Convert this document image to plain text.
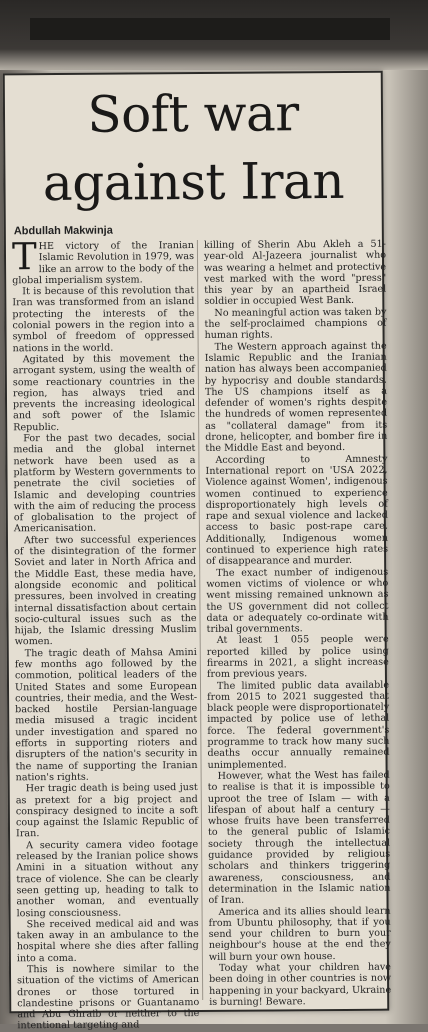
Soft war
against Iran
Abdullah Makwinja

THE victory of the Iranian Islamic Revolution in 1979, was like an arrow to the body of the global imperialism system.

It is because of this revolution that Iran was transformed from an island protecting the interests of the colonial powers in the region into a symbol of freedom of oppressed nations in the world.

Agitated by this movement the arrogant system, using the wealth of some reactionary countries in the region, has always tried and prevents the increasing ideological and soft power of the Islamic Republic.

For the past two decades, social media and the global internet network have been used as a platform by Western governments to penetrate the civil societies of Islamic and developing countries with the aim of reducing the process of globalisation to the project of Americanisation.

After two successful experiences of the disintegration of the former Soviet and later in North Africa and the Middle East, these media have, alongside economic and political pressures, been involved in creating internal dissatisfaction about certain socio-cultural issues such as the hijab, the Islamic dressing Muslim women.

The tragic death of Mahsa Amini few months ago followed by the commotion, political leaders of the United States and some European countries, their media, and the West-backed hostile Persian-language media misused a tragic incident under investigation and spared no efforts in supporting rioters and disrupters of the nation's security in the name of supporting the Iranian nation's rights.

Her tragic death is being used just as pretext for a big project and conspiracy designed to incite a soft coup against the Islamic Republic of Iran.

A security camera video footage released by the Iranian police shows Amini in a situation without any trace of violence. She can be clearly seen getting up, heading to talk to another woman, and eventually losing consciousness.

She received medical aid and was taken away in an ambulance to the hospital where she dies after falling into a coma.

This is nowhere similar to the situation of the victims of American drones or those tortured in clandestine prisons or Guantanamo and Abu Ghraib or neither to the intentional targeting and

killing of Sherin Abu Akleh a 51-year-old Al-Jazeera journalist who was wearing a helmet and protective vest marked with the word "press" this year by an apartheid Israel soldier in occupied West Bank.

No meaningful action was taken by the self-proclaimed champions of human rights.

The Western approach against the Islamic Republic and the Iranian nation has always been accompanied by hypocrisy and double standards. The US champions itself as a defender of women's rights despite the hundreds of women represented as "collateral damage" from its drone, helicopter, and bomber fire in the Middle East and beyond.

According to Amnesty International report on 'USA 2022, Violence against Women', indigenous women continued to experience disproportionately high levels of rape and sexual violence and lacked access to basic post-rape care. Additionally, Indigenous women continued to experience high rates of disappearance and murder.

The exact number of indigenous women victims of violence or who went missing remained unknown as the US government did not collect data or adequately co-ordinate with tribal governments.

At least 1 055 people were reported killed by police using firearms in 2021, a slight increase from previous years.

The limited public data available from 2015 to 2021 suggested that black people were disproportionately impacted by police use of lethal force. The federal government's programme to track how many such deaths occur annually remained unimplemented.

However, what the West has failed to realise is that it is impossible to uproot the tree of Islam — with a lifespan of about half a century — whose fruits have been transferred to the general public of Islamic society through the intellectual guidance provided by religious scholars and thinkers triggering awareness, consciousness, and determination in the Islamic nation of Iran.

America and its allies should learn from Ubuntu philosophy, that if you send your children to burn your neighbour's house at the end they will burn your own house.

Today what your children have been doing in other countries is now happening in your backyard, Ukraine is burning! Beware.
